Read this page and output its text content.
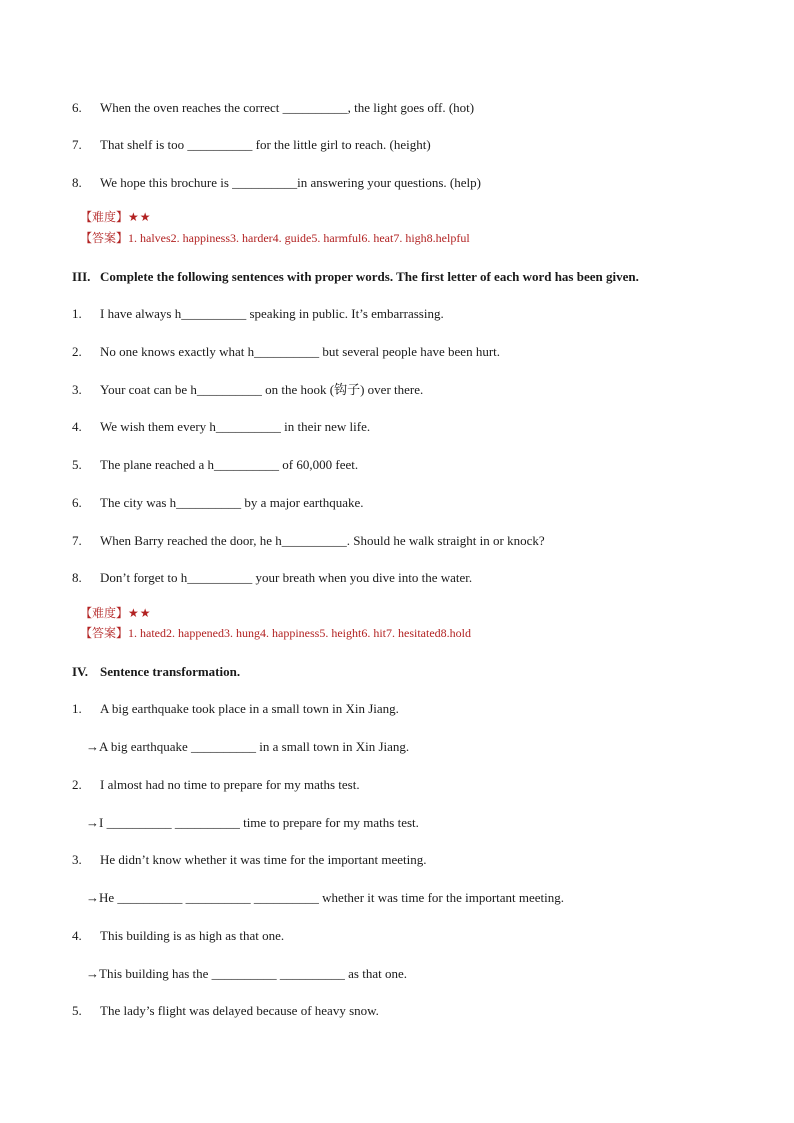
6.	When the oven reaches the correct __________, the light goes off. (hot)
7.	That shelf is too __________ for the little girl to reach. (height)
8.	We hope this brochure is __________in answering your questions. (help)
【难度】★★
【答案】1. halves2. happiness3. harder4. guide5. harmful6. heat7. high8.helpful
III. Complete the following sentences with proper words. The first letter of each word has been given.
1.	I have always h__________ speaking in public. It’s embarrassing.
2.	No one knows exactly what h__________ but several people have been hurt.
3.	Your coat can be h__________ on the hook (钩子) over there.
4.	We wish them every h__________ in their new life.
5.	The plane reached a h__________ of 60,000 feet.
6.	The city was h__________ by a major earthquake.
7.	When Barry reached the door, he h__________. Should he walk straight in or knock?
8.	Don’t forget to h__________ your breath when you dive into the water.
【难度】★★
【答案】1. hated2. happened3. hung4. happiness5. height6. hit7. hesitated8.hold
IV. Sentence transformation.
1.	A big earthquake took place in a small town in Xin Jiang.
→A big earthquake __________ in a small town in Xin Jiang.
2.	I almost had no time to prepare for my maths test.
→I __________ __________ time to prepare for my maths test.
3.	He didn’t know whether it was time for the important meeting.
→He __________ __________ __________ whether it was time for the important meeting.
4.	This building is as high as that one.
→This building has the __________ __________ as that one.
5.	The lady’s flight was delayed because of heavy snow.
